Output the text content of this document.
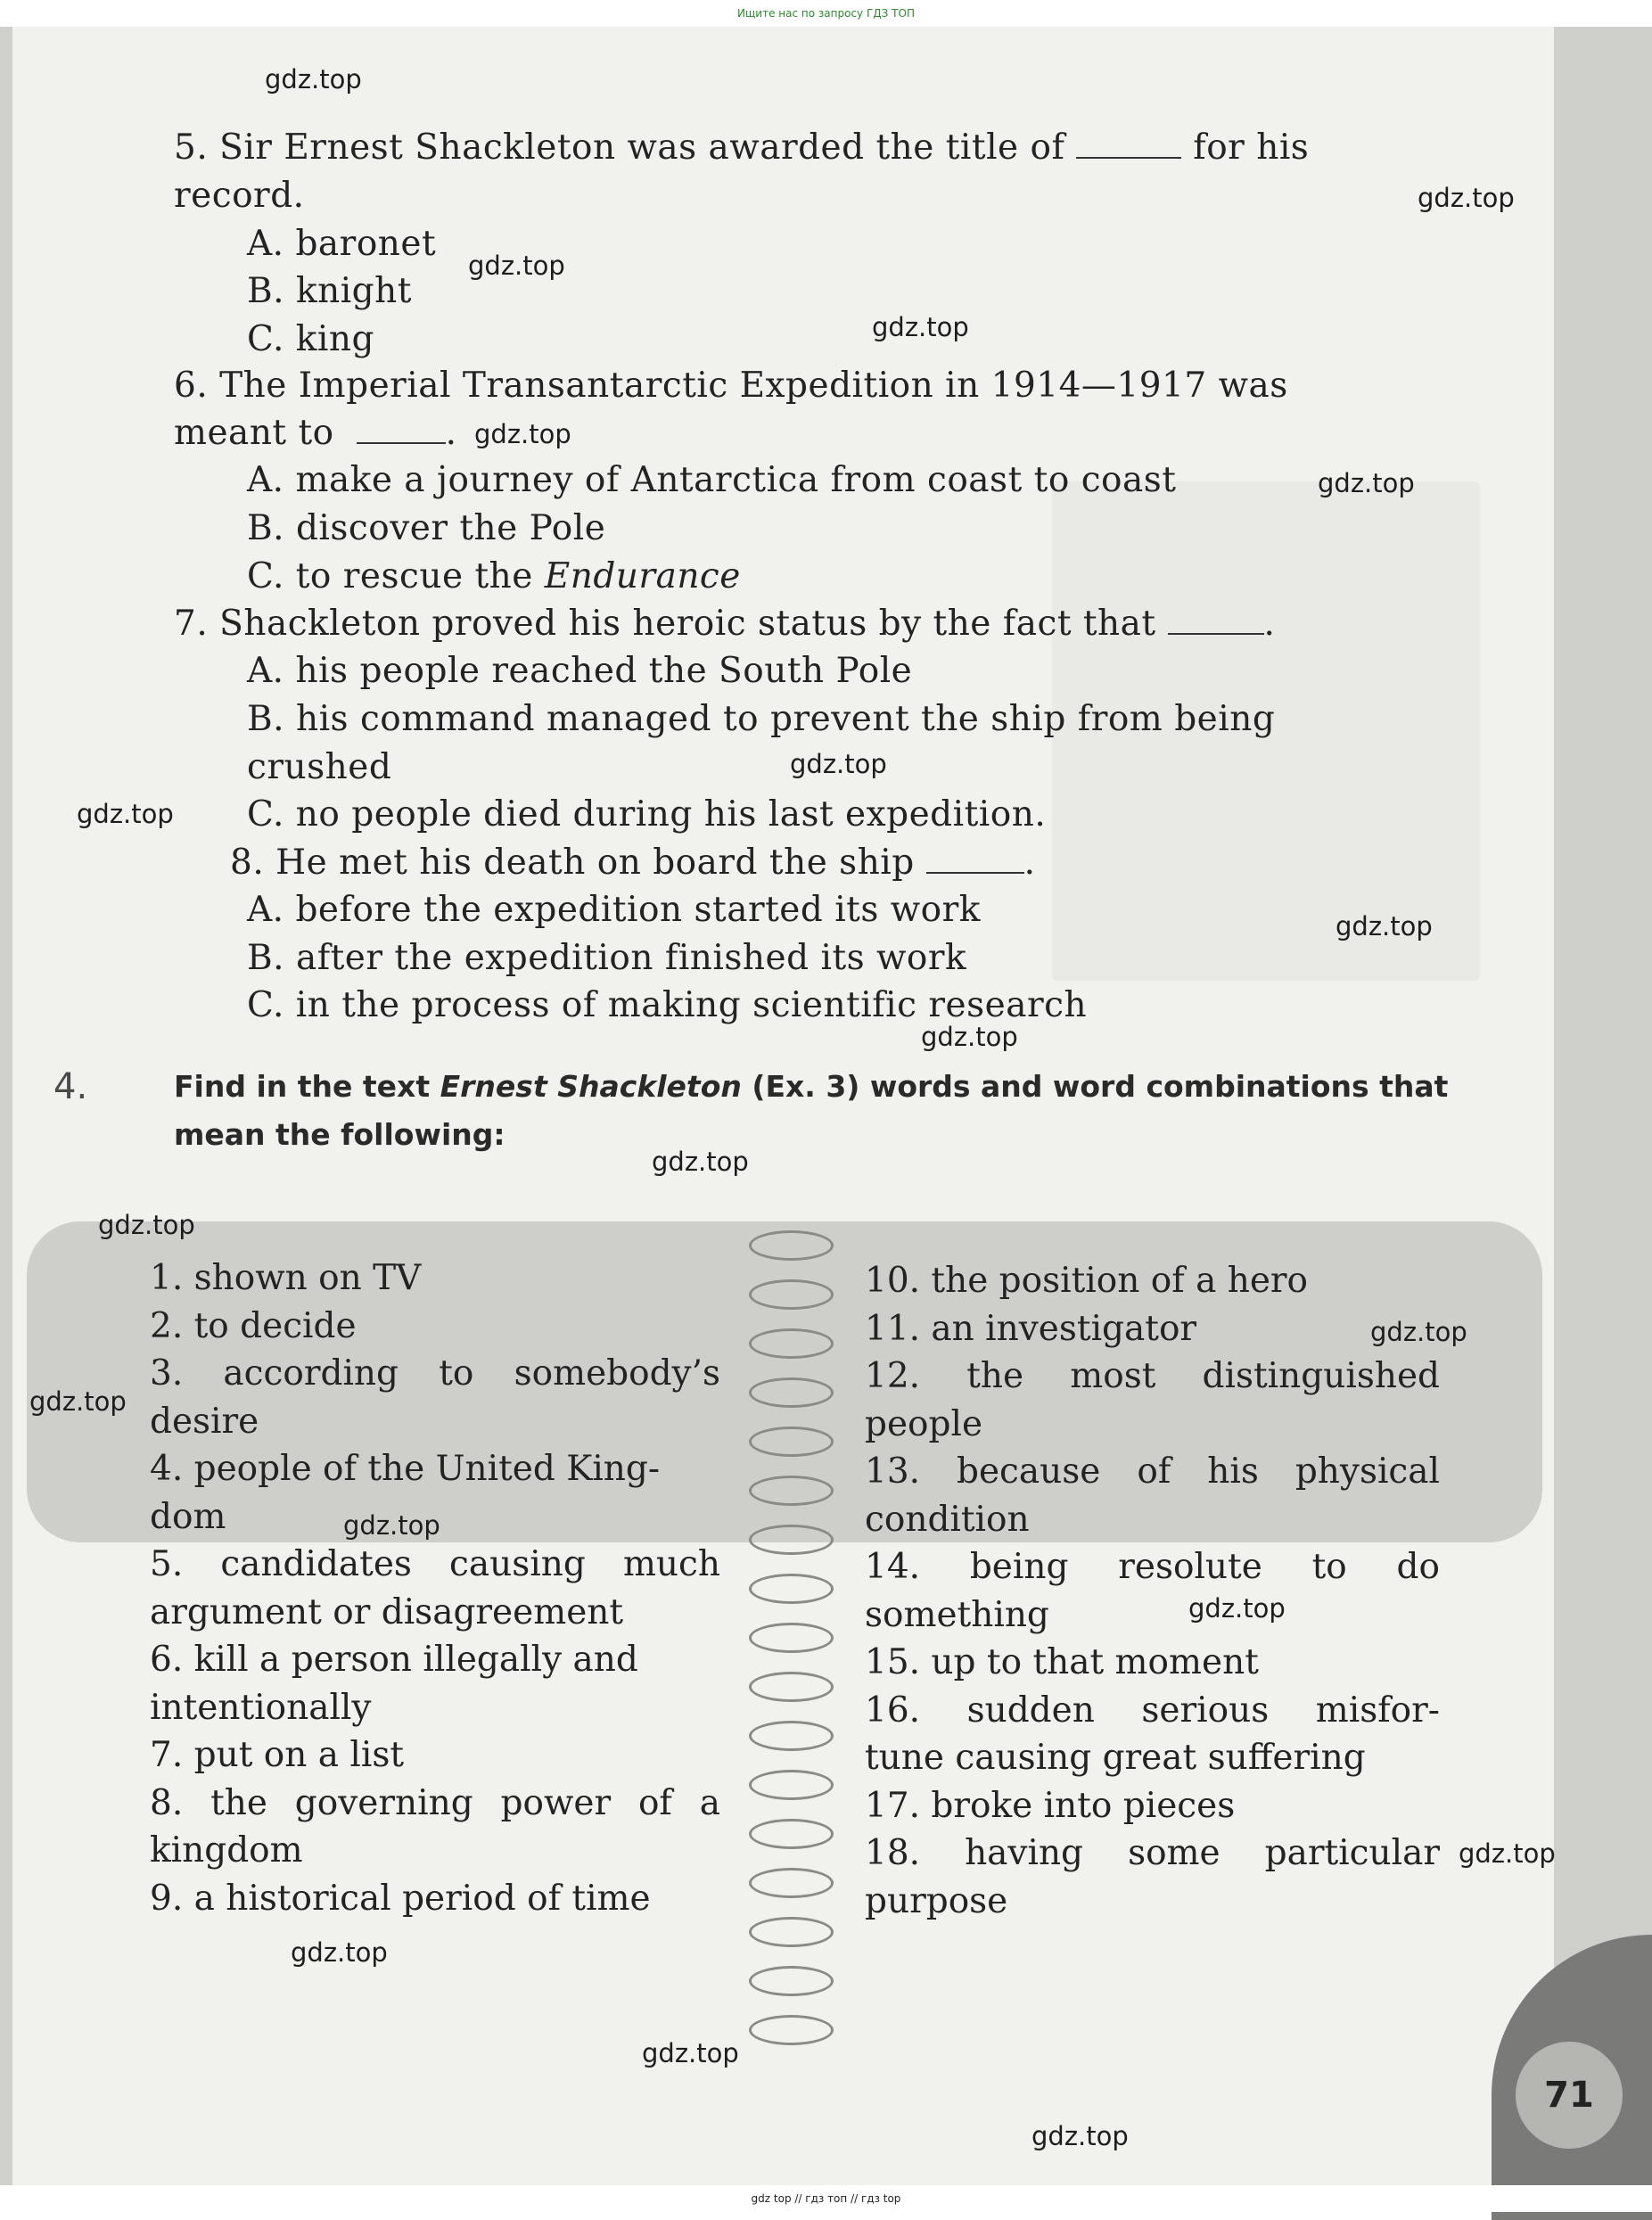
5. Sir Ernest Shackleton was awarded the title of	for his
record.
A. baronet
B. knight
C. king
6. The Imperial Transantarctic Expedition in 1914—1917 was
meant to	.
A. make a journey of Antarctica from coast to coast
B. discover the Pole
C. to rescue the Endurance
7. Shackleton proved his heroic status by the fact that	.
A. his people reached the South Pole
B. his command managed to prevent the ship from being
crushed
C. no people died during his last expedition.
8. He met his death on board the ship	.
A. before the expedition started its work
B. after the expedition finished its work
C. in the process of making scientific research
4.	Find in the text Ernest Shackleton (Ex. 3) words and word combinations that mean the following:
1. shown on TV
2. to decide
3. according to somebody’s
desire
4. people of the United King-
dom
5. candidates causing much
argument or disagreement
6. kill a person illegally and
intentionally
7. put on a list
8. the governing power of a
kingdom
9. a historical period of time
10. the position of a hero
11. an investigator
12. the most distinguished
people
13. because of his physical
condition
14. being resolute to do
something
15. up to that moment
16. sudden serious misfor-
tune causing great suffering
17. broke into pieces
18. having some particular
purpose
71
gdz.top
gdz.top
gdz.top
gdz.top
gdz.top
gdz.top
gdz.top
gdz.top
gdz.top
gdz.top
gdz.top
gdz.top
gdz.top
gdz.top
gdz.top
gdz.top
gdz.top
gdz.top
gdz.top
gdz.top
Ищите нас по запросу ГДЗ ТОП
gdz top // гдз топ // гдз top
